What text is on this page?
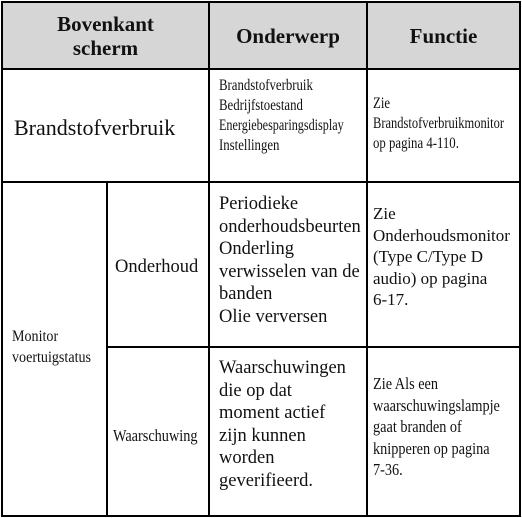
Bovenkant
scherm	Onderwerp	Functie
Brandstofverbruik
Brandstofverbruik
Bedrijfstoestand
Energiebesparingsdisplay
Instellingen
Zie
Brandstofverbruikmonitor
op pagina 4-110.
Monitor
voertuigstatus
Onderhoud
Periodieke
onderhoudsbeurten
Onderling
verwisselen van de
banden
Olie verversen
Zie
Onderhoudsmonitor
(Type C/Type D
audio) op pagina
6-17.
Waarschuwing
Waarschuwingen
die op dat
moment actief
zijn kunnen
worden
geverifieerd.
Zie Als een
waarschuwingslampje
gaat branden of
knipperen op pagina
7-36.
